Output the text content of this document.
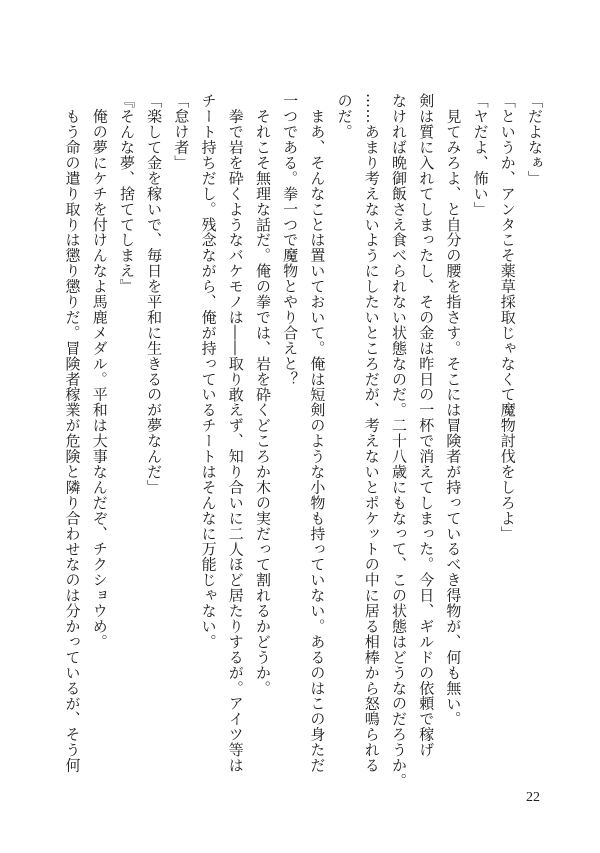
「だよなぁ」
「というか、アンタこそ薬草採取じゃなくて魔物討伐をしろよ」
「ヤだよ、怖い」
　見てみろよ、と自分の腰を指さす。そこには冒険者が持っているべき得物が、何も無い。
剣は質に入れてしまったし、その金は昨日の一杯で消えてしまった。今日、ギルドの依頼で稼げ
なければ晩御飯さえ食べられない状態なのだ。二十八歳にもなって、この状態はどうなのだろうか。
……あまり考えないようにしたいところだが、考えないとポケットの中に居る相棒から怒鳴られる
のだ。
　まあ、そんなことは置いておいて。俺は短剣のような小物も持っていない。あるのはこの身ただ
一つである。拳一つで魔物とやり合えと？
　それこそ無理な話だ。俺の拳では、岩を砕くどころか木の実だって割れるかどうか。
　拳で岩を砕くようなバケモノは――取り敢えず、知り合いに二人ほど居たりするが。アイツ等は
チート持ちだし。残念ながら、俺が持っているチートはそんなに万能じゃない。
「怠け者」
「楽して金を稼いで、毎日を平和に生きるのが夢なんだ」
『そんな夢、捨ててしまえ』
　俺の夢にケチを付けんなよ馬鹿メダル。平和は大事なんだぞ、チクショウめ。
　もう命の遣り取りは懲り懲りだ。冒険者稼業が危険と隣り合わせなのは分かっているが、そう何
22
